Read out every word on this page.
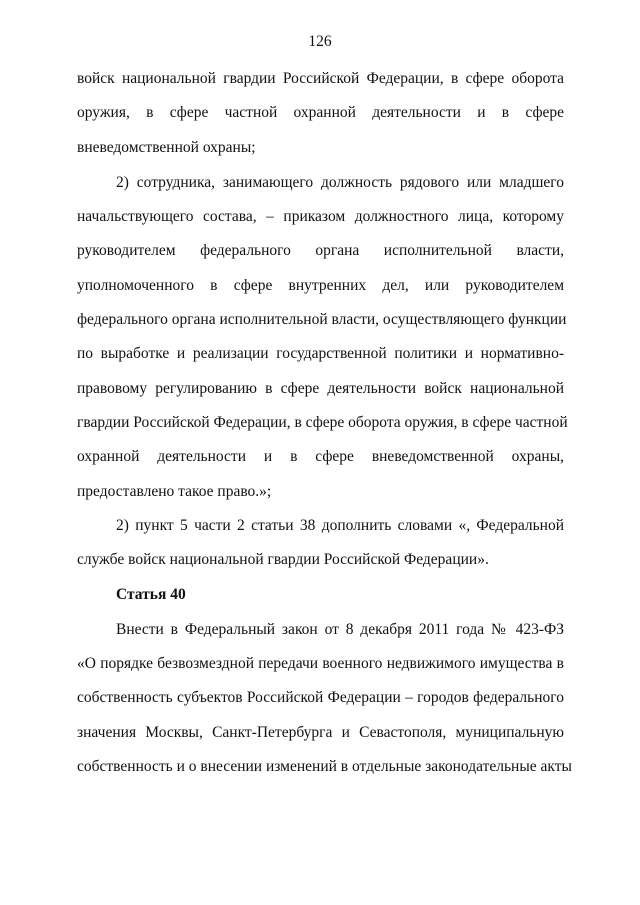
126
войск национальной гвардии Российской Федерации, в сфере оборота
оружия, в сфере частной охранной деятельности и в сфере
вневедомственной охраны;
2) сотрудника, занимающего должность рядового или младшего
начальствующего состава, – приказом должностного лица, которому
руководителем федерального органа исполнительной власти,
уполномоченного в сфере внутренних дел, или руководителем
федерального органа исполнительной власти, осуществляющего функции
по выработке и реализации государственной политики и нормативно-
правовому регулированию в сфере деятельности войск национальной
гвардии Российской Федерации, в сфере оборота оружия, в сфере частной
охранной деятельности и в сфере вневедомственной охраны,
предоставлено такое право.»;
2) пункт 5 части 2 статьи 38 дополнить словами «, Федеральной
службе войск национальной гвардии Российской Федерации».
Статья 40
Внести в Федеральный закон от 8 декабря 2011 года № 423-ФЗ
«О порядке безвозмездной передачи военного недвижимого имущества в
собственность субъектов Российской Федерации – городов федерального
значения Москвы, Санкт-Петербурга и Севастополя, муниципальную
собственность и о внесении изменений в отдельные законодательные акты
